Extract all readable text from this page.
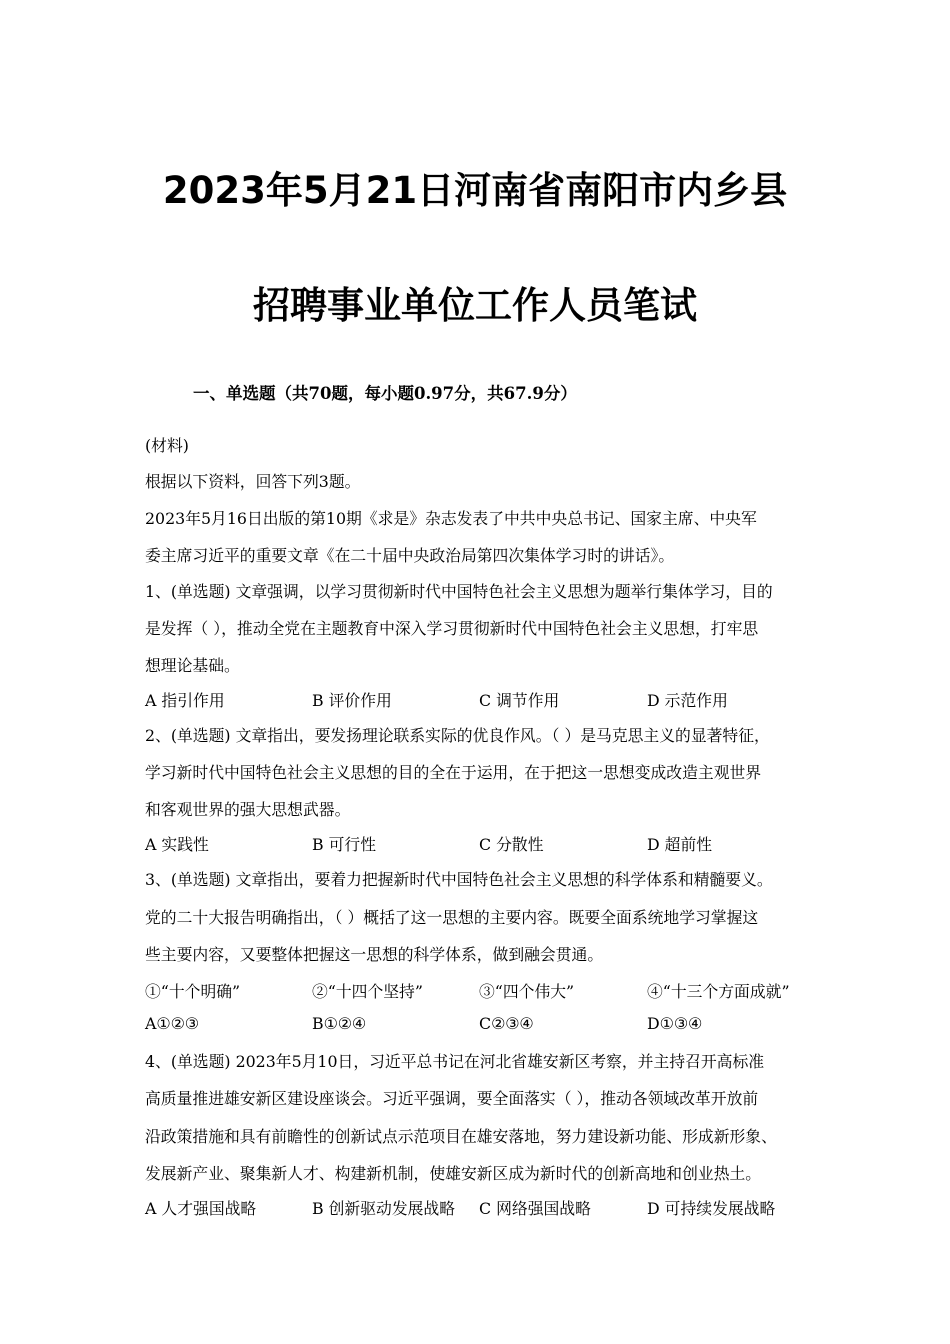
2023年5月21日河南省南阳市内乡县
招聘事业单位工作人员笔试
一、单选题（共70题，每小题0.97分，共67.9分）
(材料)
根据以下资料，回答下列3题。
2023年5月16日出版的第10期《求是》杂志发表了中共中央总书记、国家主席、中央军
委主席习近平的重要文章《在二十届中央政治局第四次集体学习时的讲话》。
1、(单选题) 文章强调，以学习贯彻新时代中国特色社会主义思想为题举行集体学习，目的
是发挥（ ），推动全党在主题教育中深入学习贯彻新时代中国特色社会主义思想，打牢思
想理论基础。
A 指引作用	B 评价作用	C 调节作用	D 示范作用
2、(单选题) 文章指出，要发扬理论联系实际的优良作风。（ ）是马克思主义的显著特征，
学习新时代中国特色社会主义思想的目的全在于运用，在于把这一思想变成改造主观世界
和客观世界的强大思想武器。
A 实践性	B 可行性	C 分散性	D 超前性
3、(单选题) 文章指出，要着力把握新时代中国特色社会主义思想的科学体系和精髓要义。
党的二十大报告明确指出，（ ）概括了这一思想的主要内容。既要全面系统地学习掌握这
些主要内容，又要整体把握这一思想的科学体系，做到融会贯通。
①“十个明确”	②“十四个坚持”	③“四个伟大”	④“十三个方面成就”
A①②③	B①②④	C②③④	D①③④
4、(单选题) 2023年5月10日，习近平总书记在河北省雄安新区考察，并主持召开高标准
高质量推进雄安新区建设座谈会。习近平强调，要全面落实（ ），推动各领域改革开放前
沿政策措施和具有前瞻性的创新试点示范项目在雄安落地，努力建设新功能、形成新形象、
发展新产业、聚集新人才、构建新机制，使雄安新区成为新时代的创新高地和创业热土。
A 人才强国战略	B 创新驱动发展战略 C 网络强国战略	D 可持续发展战略
